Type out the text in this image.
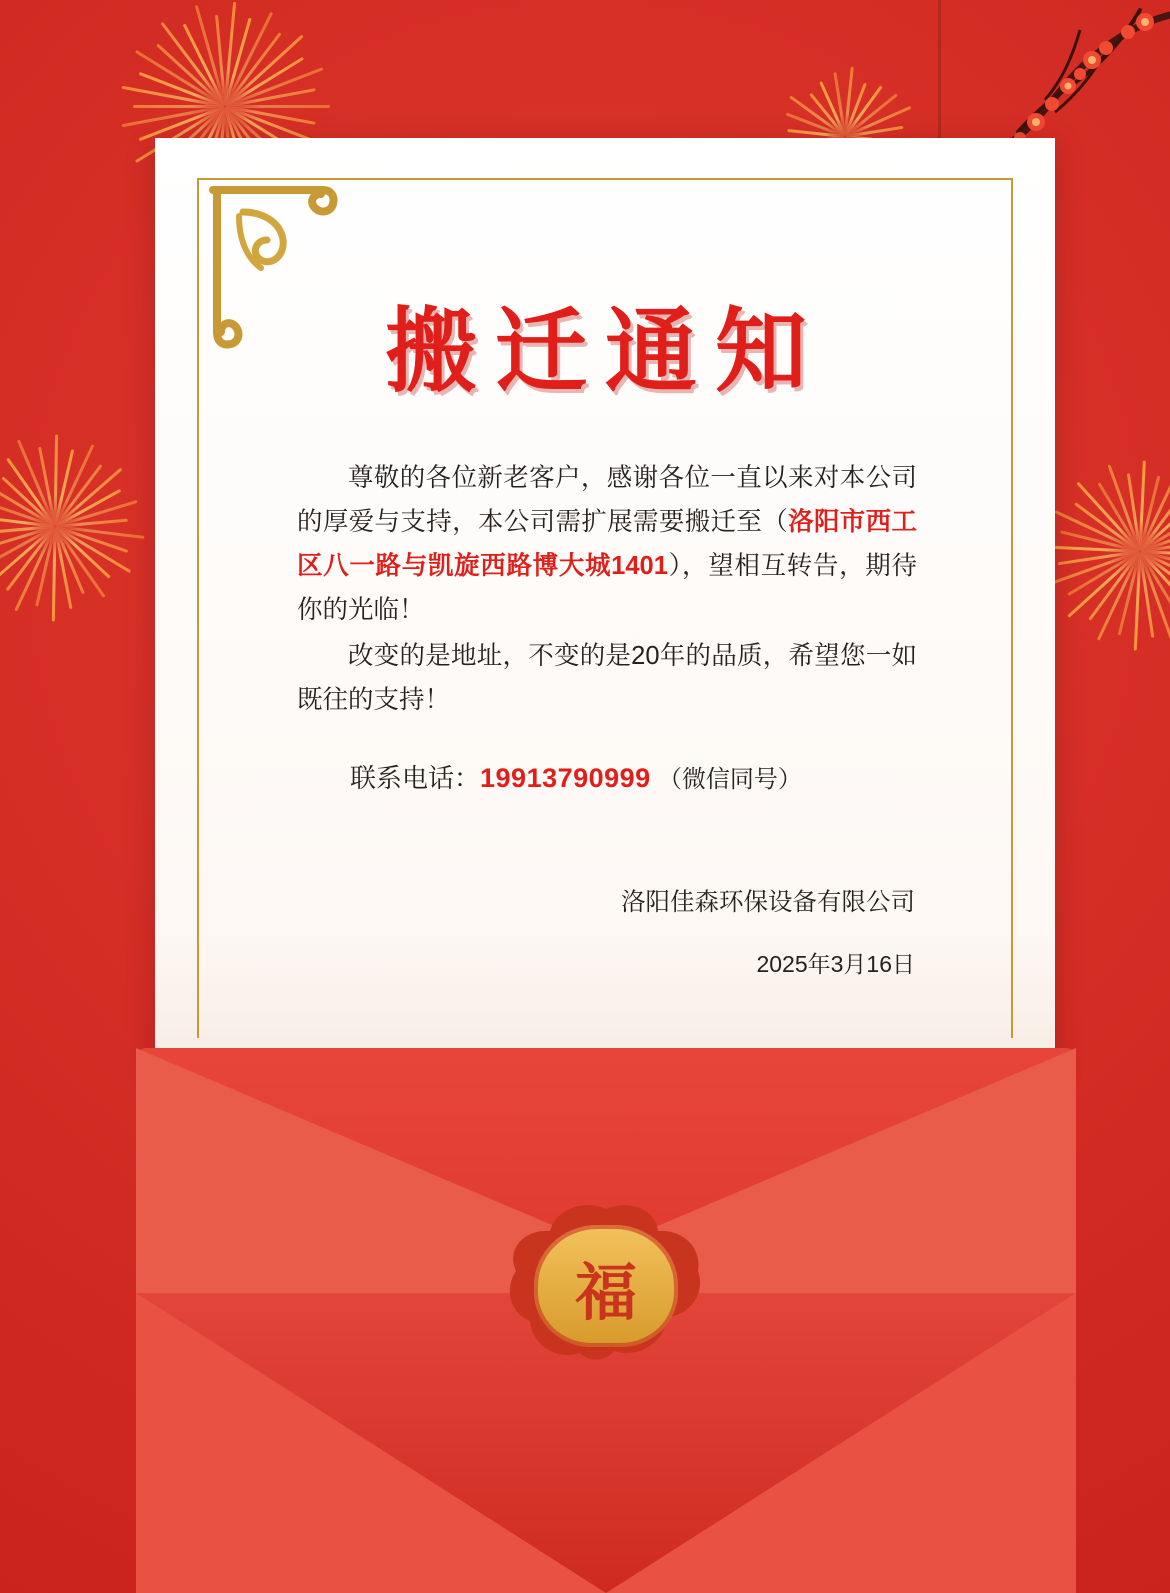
搬迁通知

尊敬的各位新老客户，感谢各位一直以来对本公司的厚爱与支持，本公司需扩展需要搬迁至（洛阳市西工区八一路与凯旋西路博大城1401），望相互转告，期待你的光临！

改变的是地址，不变的是20年的品质，希望您一如既往的支持！

联系电话：19913790999 （微信同号）
洛阳佳森环保设备有限公司
2025年3月16日
福
